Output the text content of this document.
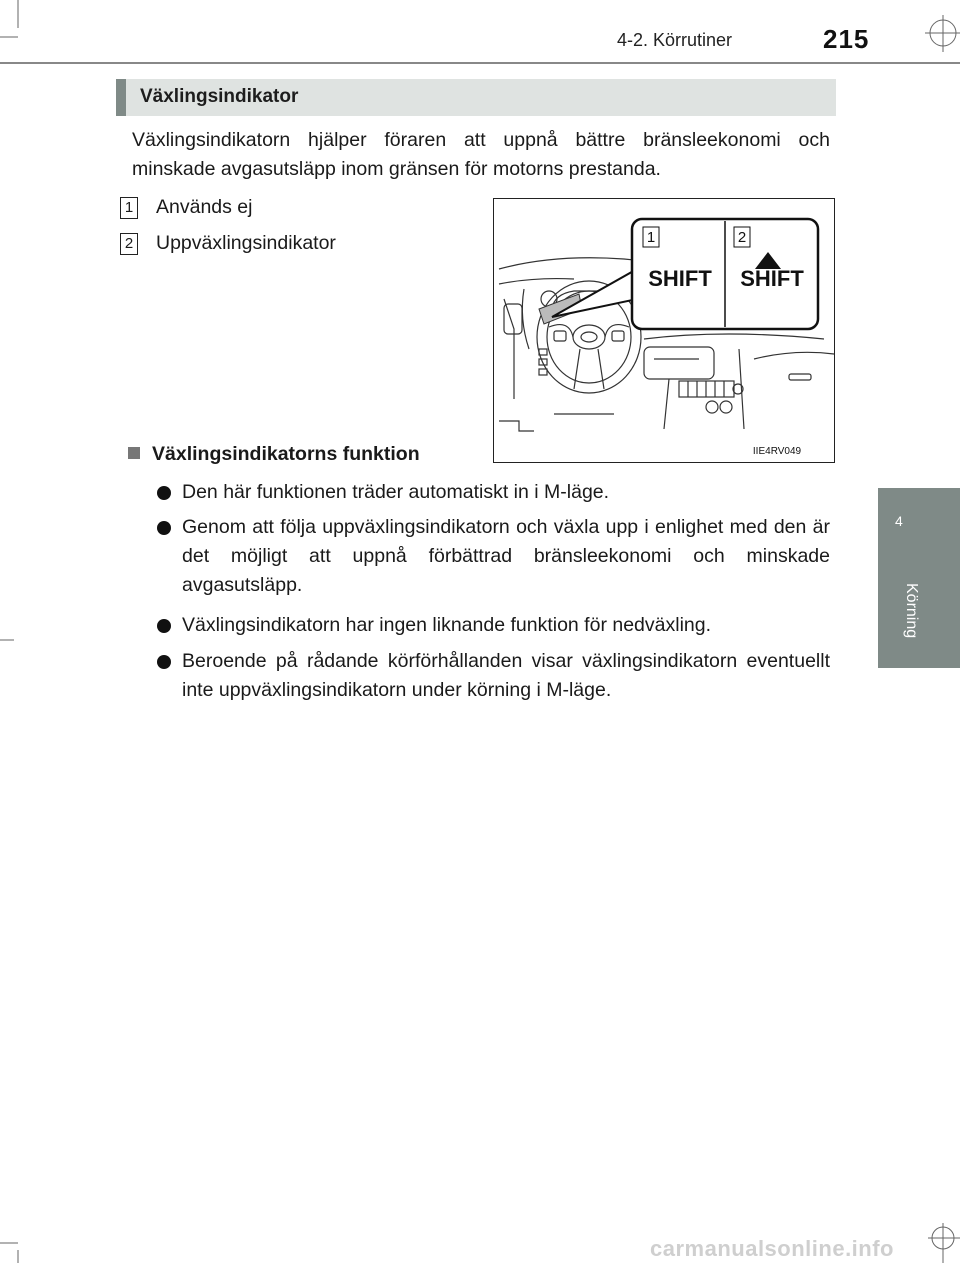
4-2. Körrutiner	215
4
Körning
Växlingsindikator
Växlingsindikatorn hjälper föraren att uppnå bättre bränsleekonomi och minskade avgasutsläpp inom gränsen för motorns prestanda.
1 Används ej
2 Uppväxlingsindikator	1	2
SHIFT SHIFT
IIE4RV049
Växlingsindikatorns funktion
Den här funktionen träder automatiskt in i M-läge.
Genom att följa uppväxlingsindikatorn och växla upp i enlighet med den är det möjligt att uppnå förbättrad bränsleekonomi och minskade avgasutsläpp.
Växlingsindikatorn har ingen liknande funktion för nedväxling.
Beroende på rådande körförhållanden visar växlingsindikatorn eventuellt inte uppväxlingsindikatorn under körning i M-läge.
carmanualsonline.info
